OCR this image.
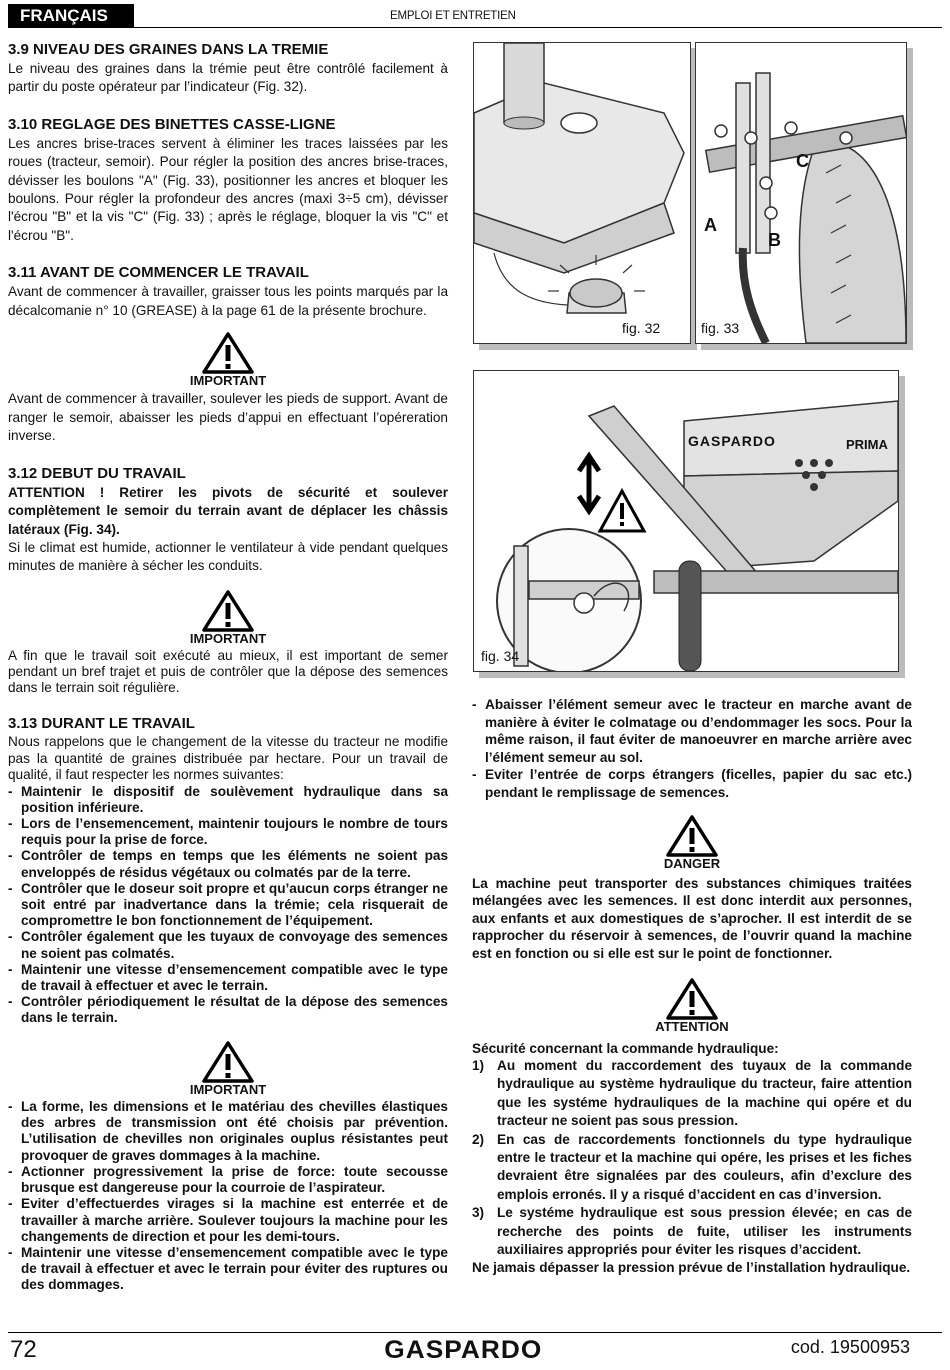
FRANÇAIS	EMPLOI ET ENTRETIEN
3.9 NIVEAU DES GRAINES DANS LA TREMIE

Le niveau des graines dans la trémie peut être contrôlé facilement à partir du poste opérateur par l’indicateur (Fig. 32).

3.10 REGLAGE DES BINETTES CASSE-LIGNE

Les ancres brise-traces servent à éliminer les traces laissées par les roues (tracteur, semoir). Pour régler la position des ancres brise-traces, dévisser les boulons "A" (Fig. 33), positionner les ancres et bloquer les boulons. Pour régler la profondeur des ancres (maxi 3÷5 cm), dévisser l'écrou "B" et la vis "C" (Fig. 33) ; après le réglage, bloquer la vis "C" et l'écrou "B".

3.11 AVANT DE COMMENCER LE TRAVAIL

Avant de commencer à travailler, graisser tous les points marqués par la décalcomanie n° 10 (GREASE) à la page 61 de la présente brochure.

IMPORTANT

Avant de commencer à travailler, soulever les pieds de support. Avant de ranger le semoir, abaisser les pieds d’appui en effectuant l’opéreration inverse.

3.12 DEBUT DU TRAVAIL

ATTENTION ! Retirer les pivots de sécurité et soulever complètement le semoir du terrain avant de déplacer les châssis latéraux (Fig. 34).

Si le climat est humide, actionner le ventilateur à vide pendant quelques minutes de manière à sécher les conduits.

IMPORTANT

A fin que le travail soit exécuté au mieux, il est important de semer pendant un bref trajet et puis de contrôler que la dépose des semences dans le terrain soit régulière.

3.13 DURANT LE TRAVAIL

Nous rappelons que le changement de la vitesse du tracteur ne modifie pas la quantité de graines distribuée par hectare. Pour un travail de qualité, il faut respecter les normes suivantes:

- Maintenir le dispositif de soulèvement hydraulique dans sa position inférieure.
- Lors de l’ensemencement, maintenir toujours le nombre de tours requis pour la prise de force.
- Contrôler de temps en temps que les éléments ne soient pas enveloppés de résidus végétaux ou colmatés par de la terre.
- Contrôler que le doseur soit propre et qu’aucun corps étranger ne soit entré par inadvertance dans la trémie; cela risquerait de compromettre le bon fonctionnement de l’équipement.
- Contrôler également que les tuyaux de convoyage des semences ne soient pas colmatés.
- Maintenir une vitesse d’ensemencement compatible avec le type de travail à effectuer et avec le terrain.
- Contrôler périodiquement le résultat de la dépose des semences dans le terrain.
IMPORTANT
- La forme, les dimensions et le matériau des chevilles élastiques des arbres de transmission ont été choisis par prévention. L’utilisation de chevilles non originales ouplus résistantes peut provoquer de graves dommages à la machine.
- Actionner progressivement la prise de force: toute secousse brusque est dangereuse pour la courroie de l’aspirateur.
- Eviter d’effectuerdes virages si la machine est enterrée et de travailler à marche arrière. Soulever toujours la machine pour les changements de direction et pour les demi-tours.
- Maintenir une vitesse d’ensemencement compatible avec le type de travail à effectuer et avec le terrain pour éviter des ruptures ou des dommages.
fig. 32
A
B
C
fig. 33
GASPARDO	PRIMA
fig. 34
- Abaisser l’élément semeur avec le tracteur en marche avant de manière à éviter le colmatage ou d’endommager les socs. Pour la même raison, il faut éviter de manoeuvrer en marche arrière avec l’élément semeur au sol.
- Eviter l’entrée de corps étrangers (ficelles, papier du sac etc.) pendant le remplissage de semences.
DANGER

La machine peut transporter des substances chimiques traitées mélangées avec les semences. Il est donc interdit aux personnes, aux enfants et aux domestiques de s’aprocher. Il est interdit de se rapprocher du réservoir à semences, de l’ouvrir quand la machine est en fonction ou si elle est sur le point de fonctionner.

ATTENTION

Sécurité concernant la commande hydraulique:

1) Au moment du raccordement des tuyaux de la commande hydraulique au système hydraulique du tracteur, faire attention que les systéme hydrauliques de la machine qui opére et du tracteur ne soient pas sous pression.
2) En cas de raccordements fonctionnels du type hydraulique entre le tracteur et la machine qui opére, les prises et les fiches devraient être signalées par des couleurs, afin d’exclure des emplois erronés. Il y a risqué d’accident en cas d’inversion.
3) Le systéme hydraulique est sous pression élevée; en cas de recherche des points de fuite, utiliser les instruments auxiliaires appropriés pour éviter les risques d’accident.

Ne jamais dépasser la pression prévue de l’installation hydraulique.

72	GASPARDO	cod. 19500953
